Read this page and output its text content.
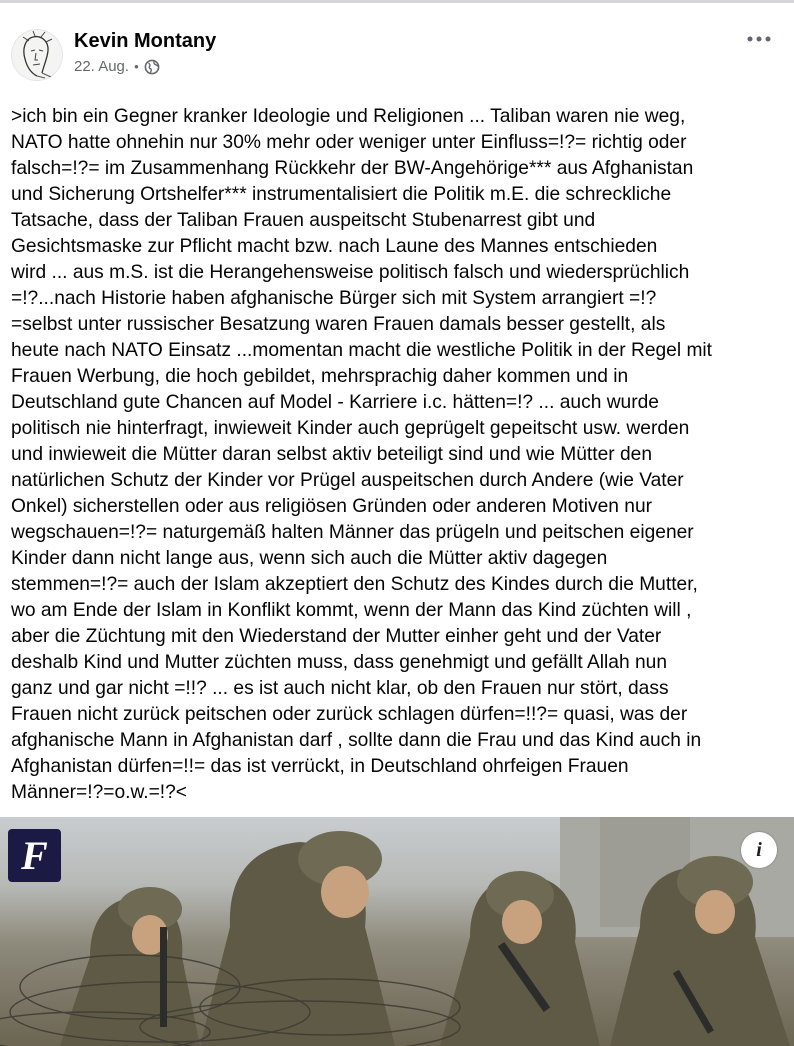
Kevin Montany
22. Aug. •

>ich bin ein Gegner kranker Ideologie und Religionen ... Taliban waren nie weg,
NATO hatte ohnehin nur 30% mehr oder weniger unter Einfluss=!?= richtig oder
falsch=!?= im Zusammenhang Rückkehr der BW-Angehörige*** aus Afghanistan
und Sicherung Ortshelfer*** instrumentalisiert die Politik m.E. die schreckliche
Tatsache, dass der Taliban Frauen auspeitscht Stubenarrest gibt und
Gesichtsmaske zur Pflicht macht bzw. nach Laune des Mannes entschieden
wird ... aus m.S. ist die Herangehensweise politisch falsch und wiedersprüchlich
=!?...nach Historie haben afghanische Bürger sich mit System arrangiert =!?
=selbst unter russischer Besatzung waren Frauen damals besser gestellt, als
heute nach NATO Einsatz ...momentan macht die westliche Politik in der Regel mit
Frauen Werbung, die hoch gebildet, mehrsprachig daher kommen und in
Deutschland gute Chancen auf Model - Karriere i.c. hätten=!? ... auch wurde
politisch nie hinterfragt, inwieweit Kinder auch geprügelt gepeitscht usw. werden
und inwieweit die Mütter daran selbst aktiv beteiligt sind und wie Mütter den
natürlichen Schutz der Kinder vor Prügel auspeitschen durch Andere (wie Vater
Onkel) sicherstellen oder aus religiösen Gründen oder anderen Motiven nur
wegschauen=!?= naturgemäß halten Männer das prügeln und peitschen eigener
Kinder dann nicht lange aus, wenn sich auch die Mütter aktiv dagegen
stemmen=!?= auch der Islam akzeptiert den Schutz des Kindes durch die Mutter,
wo am Ende der Islam in Konflikt kommt, wenn der Mann das Kind züchten will ,
aber die Züchtung mit den Wiederstand der Mutter einher geht und der Vater
deshalb Kind und Mutter züchten muss, dass genehmigt und gefällt Allah nun
ganz und gar nicht =!!? ... es ist auch nicht klar, ob den Frauen nur stört, dass
Frauen nicht zurück peitschen oder zurück schlagen dürfen=!!?= quasi, was der
afghanische Mann in Afghanistan darf , sollte dann die Frau und das Kind auch in
Afghanistan dürfen=!!= das ist verrückt, in Deutschland ohrfeigen Frauen
Männer=!?=o.w.=!?<

F	i
